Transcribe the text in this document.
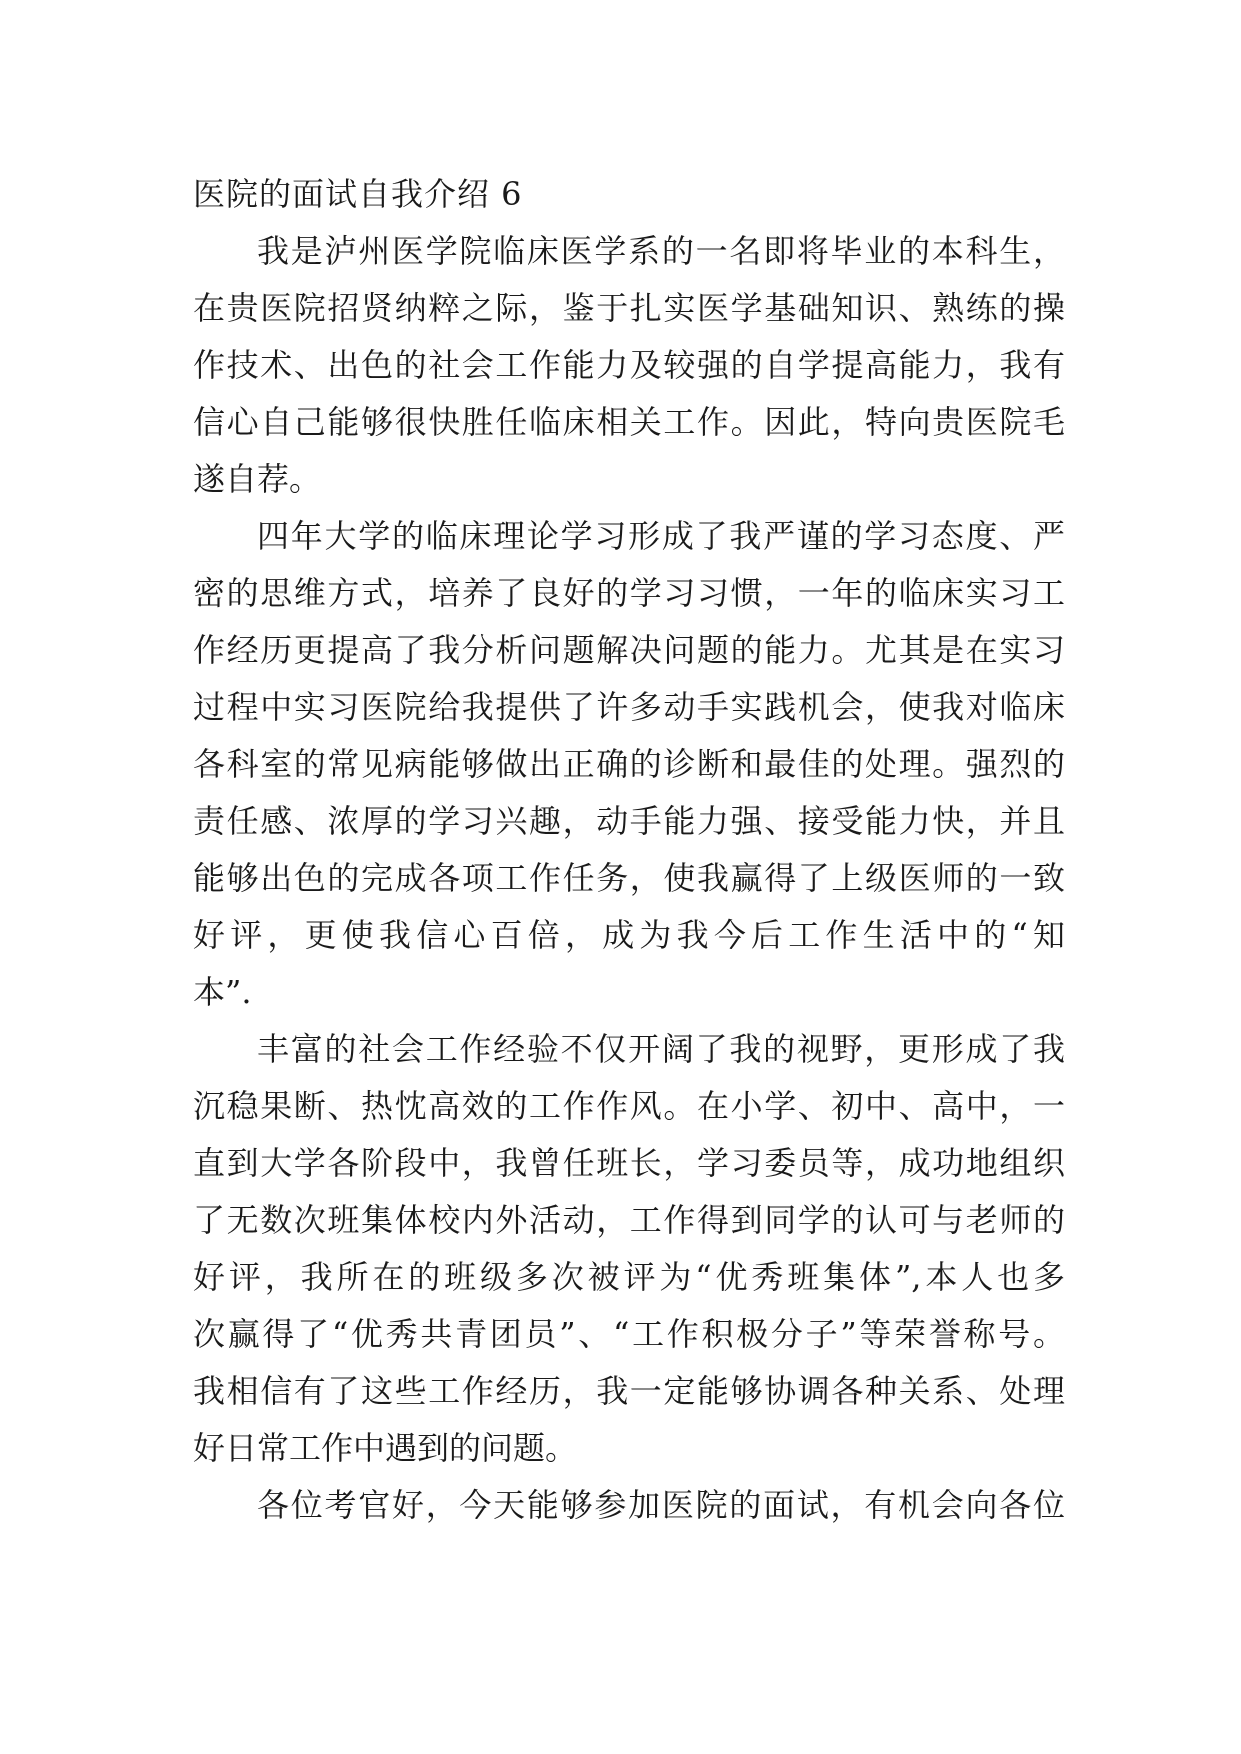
医院的面试自我介绍 6
我是泸州医学院临床医学系的一名即将毕业的本科生，
在贵医院招贤纳粹之际，鉴于扎实医学基础知识、熟练的操
作技术、出色的社会工作能力及较强的自学提高能力，我有
信心自己能够很快胜任临床相关工作。因此，特向贵医院毛
遂自荐。
四年大学的临床理论学习形成了我严谨的学习态度、严
密的思维方式，培养了良好的学习习惯，一年的临床实习工
作经历更提高了我分析问题解决问题的能力。尤其是在实习
过程中实习医院给我提供了许多动手实践机会，使我对临床
各科室的常见病能够做出正确的诊断和最佳的处理。强烈的
责任感、浓厚的学习兴趣，动手能力强、接受能力快，并且
能够出色的完成各项工作任务，使我赢得了上级医师的一致
好评，更使我信心百倍，成为我今后工作生活中的“知
本”.
丰富的社会工作经验不仅开阔了我的视野，更形成了我
沉稳果断、热忱高效的工作作风。在小学、初中、高中，一
直到大学各阶段中，我曾任班长，学习委员等，成功地组织
了无数次班集体校内外活动，工作得到同学的认可与老师的
好评，我所在的班级多次被评为“优秀班集体”,本人也多
次赢得了“优秀共青团员”、“工作积极分子”等荣誉称号。
我相信有了这些工作经历，我一定能够协调各种关系、处理
好日常工作中遇到的问题。
各位考官好，今天能够参加医院的面试，有机会向各位
